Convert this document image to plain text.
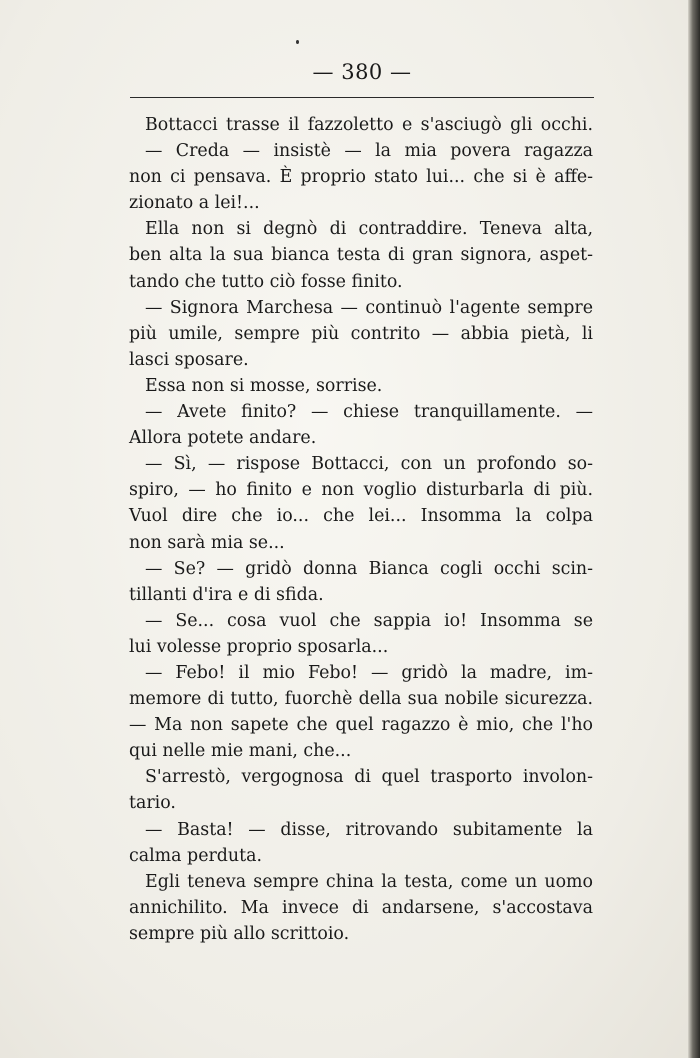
— 380 —
Bottacci trasse il fazzoletto e s'asciugò gli occhi.
— Creda — insistè — la mia povera ragazza
non ci pensava. È proprio stato lui... che si è affe-
zionato a lei!...
Ella non si degnò di contraddire. Teneva alta,
ben alta la sua bianca testa di gran signora, aspet-
tando che tutto ciò fosse finito.
— Signora Marchesa — continuò l'agente sempre
più umile, sempre più contrito — abbia pietà, li
lasci sposare.
Essa non si mosse, sorrise.
— Avete finito? — chiese tranquillamente. —
Allora potete andare.
— Sì, — rispose Bottacci, con un profondo so-
spiro, — ho finito e non voglio disturbarla di più.
Vuol dire che io... che lei... Insomma la colpa
non sarà mia se...
— Se? — gridò donna Bianca cogli occhi scin-
tillanti d'ira e di sfida.
— Se... cosa vuol che sappia io! Insomma se
lui volesse proprio sposarla...
— Febo! il mio Febo! — gridò la madre, im-
memore di tutto, fuorchè della sua nobile sicurezza.
— Ma non sapete che quel ragazzo è mio, che l'ho
qui nelle mie mani, che...
S'arrestò, vergognosa di quel trasporto involon-
tario.
— Basta! — disse, ritrovando subitamente la
calma perduta.
Egli teneva sempre china la testa, come un uomo
annichilito. Ma invece di andarsene, s'accostava
sempre più allo scrittoio.
